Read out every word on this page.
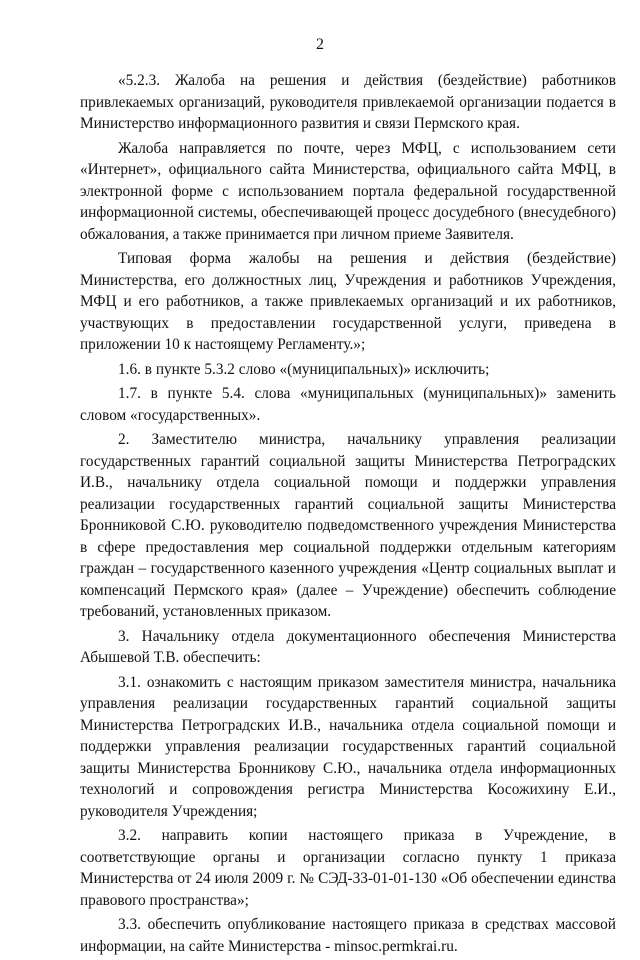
2

«5.2.3. Жалоба на решения и действия (бездействие) работников привлекаемых организаций, руководителя привлекаемой организации подается в Министерство информационного развития и связи Пермского края.

Жалоба направляется по почте, через МФЦ, с использованием сети «Интернет», официального сайта Министерства, официального сайта МФЦ, в электронной форме с использованием портала федеральной государственной информационной системы, обеспечивающей процесс досудебного (внесудебного) обжалования, а также принимается при личном приеме Заявителя.

Типовая форма жалобы на решения и действия (бездействие) Министерства, его должностных лиц, Учреждения и работников Учреждения, МФЦ и его работников, а также привлекаемых организаций и их работников, участвующих в предоставлении государственной услуги, приведена в приложении 10 к настоящему Регламенту.»;

1.6. в пункте 5.3.2 слово «(муниципальных)» исключить;

1.7. в пункте 5.4. слова «муниципальных (муниципальных)» заменить словом «государственных».

2. Заместителю министра, начальнику управления реализации государственных гарантий социальной защиты Министерства Петроградских И.В., начальнику отдела социальной помощи и поддержки управления реализации государственных гарантий социальной защиты Министерства Бронниковой С.Ю. руководителю подведомственного учреждения Министерства в сфере предоставления мер социальной поддержки отдельным категориям граждан – государственного казенного учреждения «Центр социальных выплат и компенсаций Пермского края» (далее – Учреждение) обеспечить соблюдение требований, установленных приказом.

3. Начальнику отдела документационного обеспечения Министерства Абышевой Т.В. обеспечить:

3.1. ознакомить с настоящим приказом заместителя министра, начальника управления реализации государственных гарантий социальной защиты Министерства Петроградских И.В., начальника отдела социальной помощи и поддержки управления реализации государственных гарантий социальной защиты Министерства Бронникову С.Ю., начальника отдела информационных технологий и сопровождения регистра Министерства Косожихину Е.И., руководителя Учреждения;

3.2. направить копии настоящего приказа в Учреждение, в соответствующие органы и организации согласно пункту 1 приказа Министерства от 24 июля 2009 г. № СЭД-33-01-01-130 «Об обеспечении единства правового пространства»;

3.3. обеспечить опубликование настоящего приказа в средствах массовой информации, на сайте Министерства - minsoc.permkrai.ru.
